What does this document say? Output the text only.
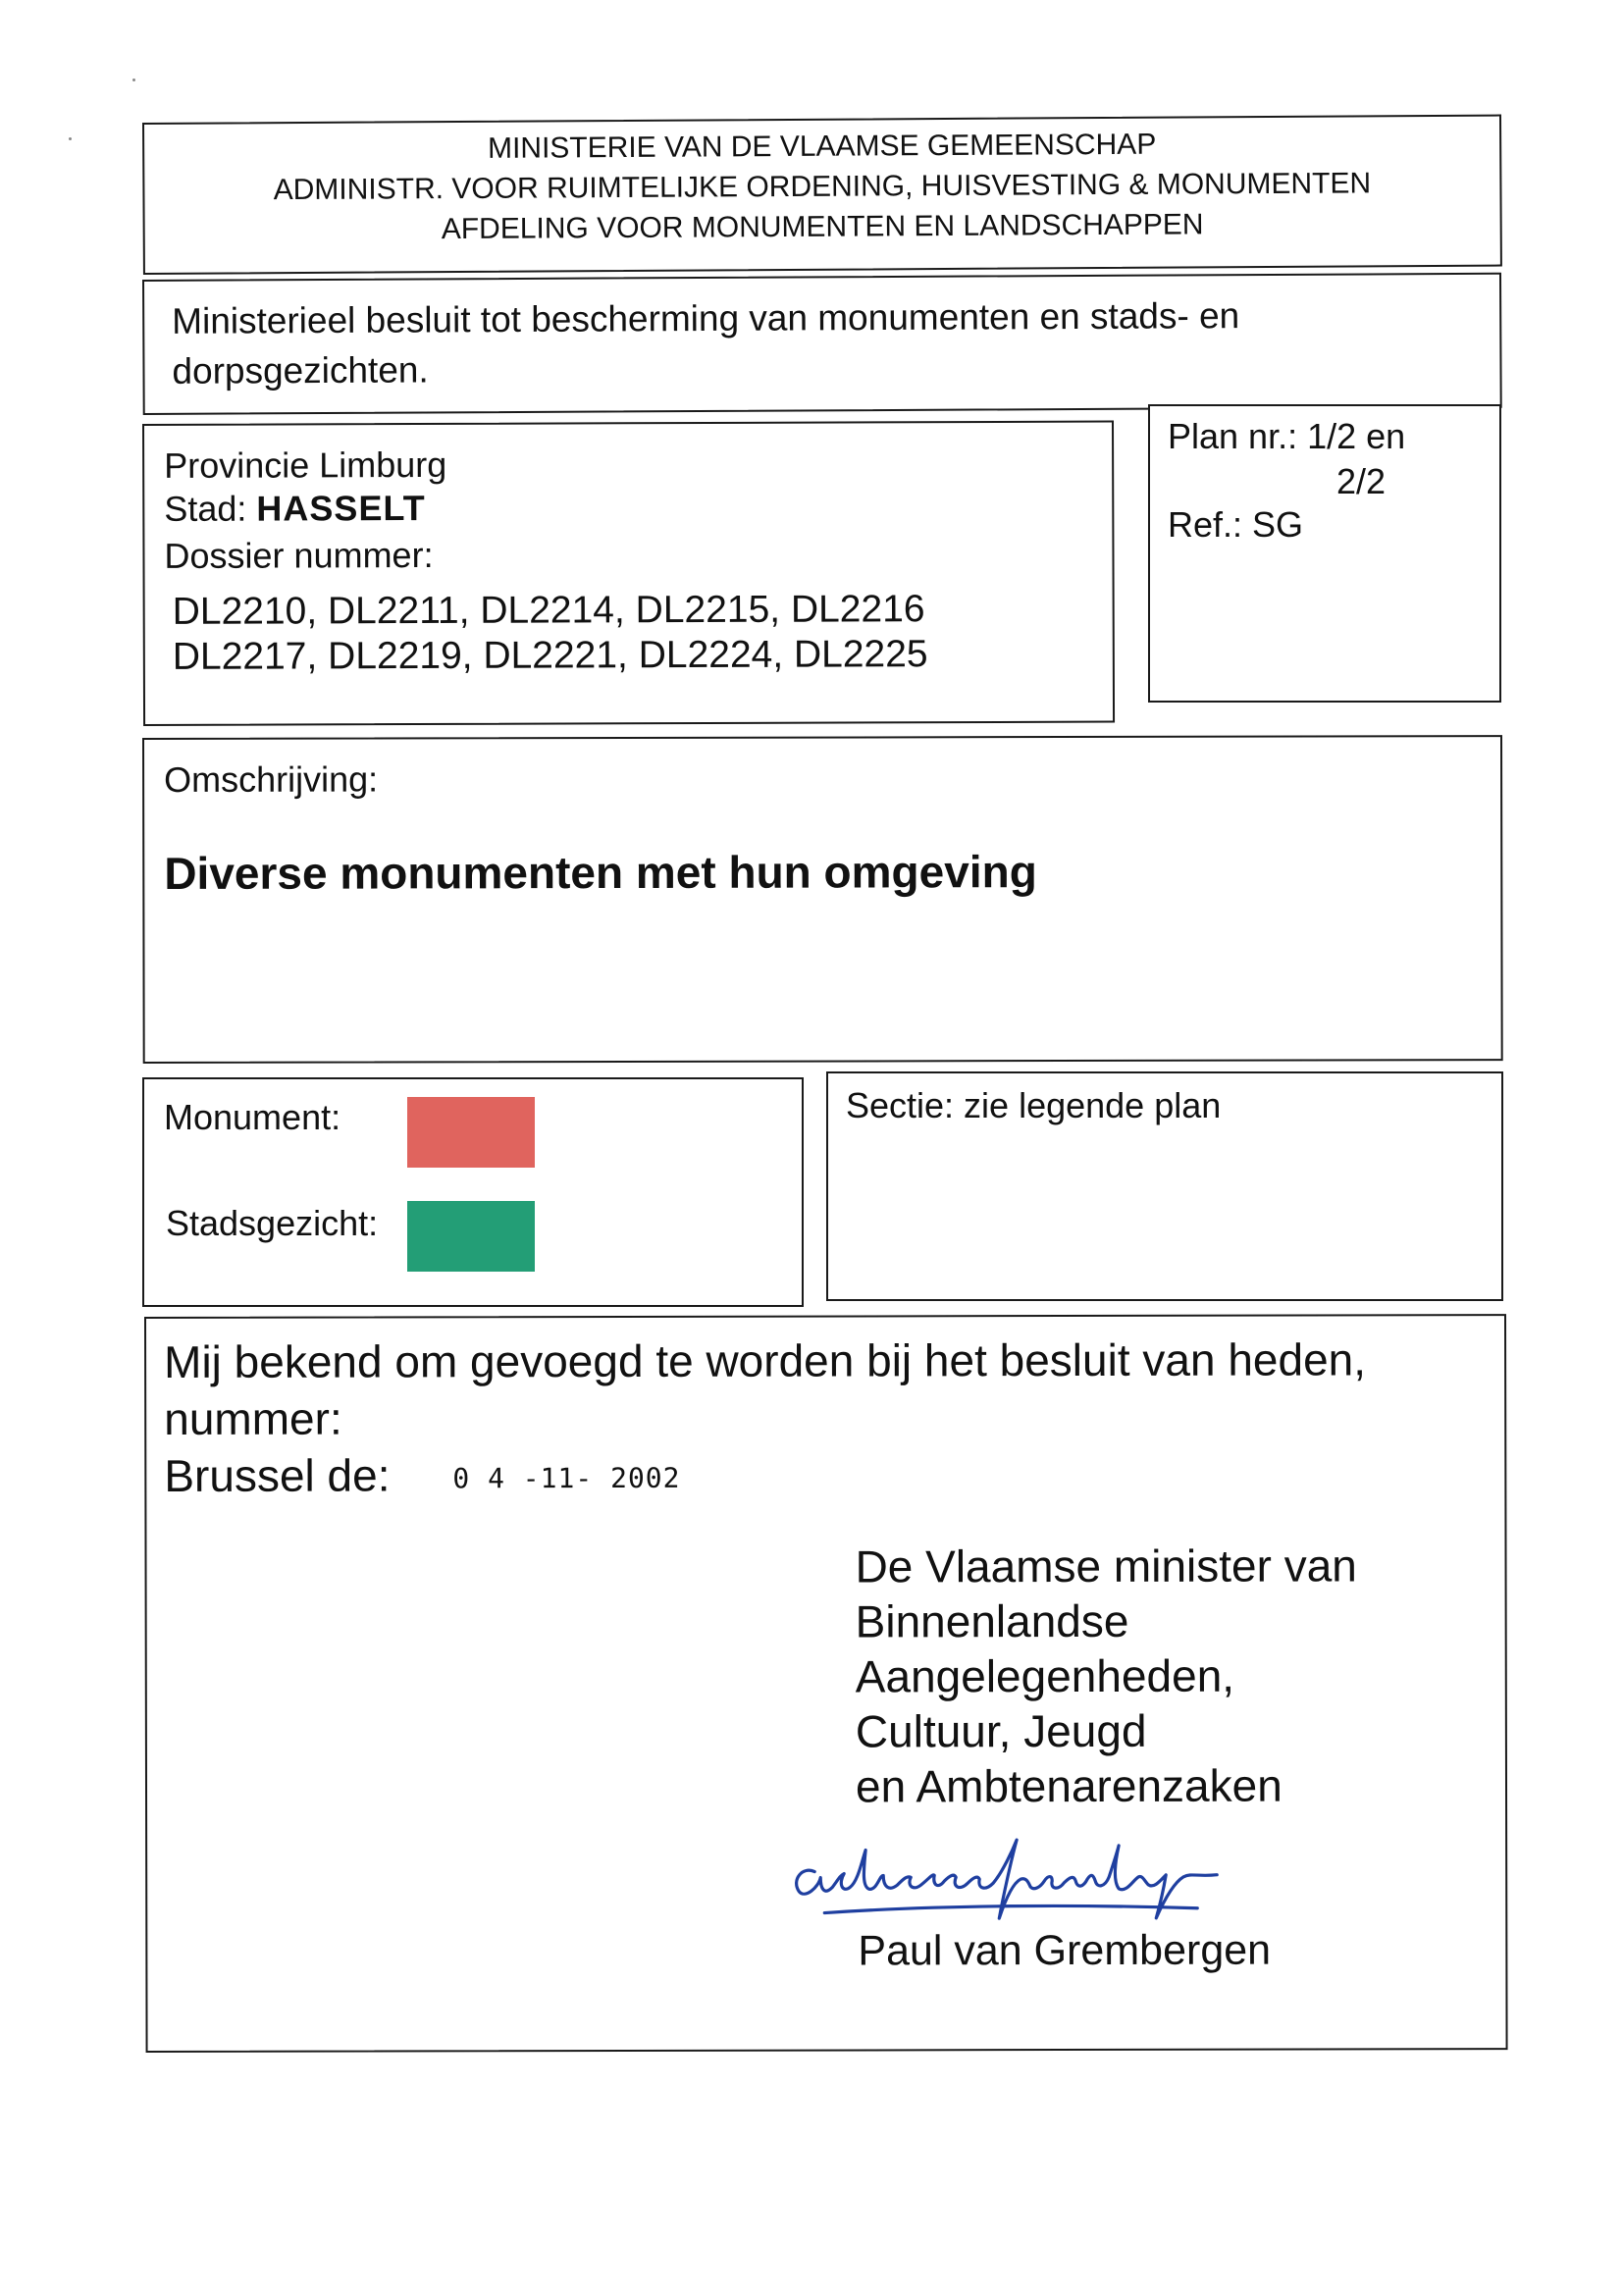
MINISTERIE VAN DE VLAAMSE GEMEENSCHAP
ADMINISTR. VOOR RUIMTELIJKE ORDENING, HUISVESTING & MONUMENTEN
AFDELING VOOR MONUMENTEN EN LANDSCHAPPEN
Ministerieel besluit tot bescherming van monumenten en stads- en
dorpsgezichten.
Provincie Limburg
Stad: HASSELT
Dossier nummer:
DL2210, DL2211, DL2214, DL2215, DL2216
DL2217, DL2219, DL2221, DL2224, DL2225
Plan nr.: 1/2 en
2/2
Ref.: SG
Omschrijving:
Diverse monumenten met hun omgeving
Monument:
Stadsgezicht:
Sectie: zie legende plan
Mij bekend om gevoegd te worden bij het besluit van heden,
nummer:
Brussel de: 0 4 -11- 2002
De Vlaamse minister van
Binnenlandse
Aangelegenheden,
Cultuur, Jeugd
en Ambtenarenzaken
Paul van Grembergen
